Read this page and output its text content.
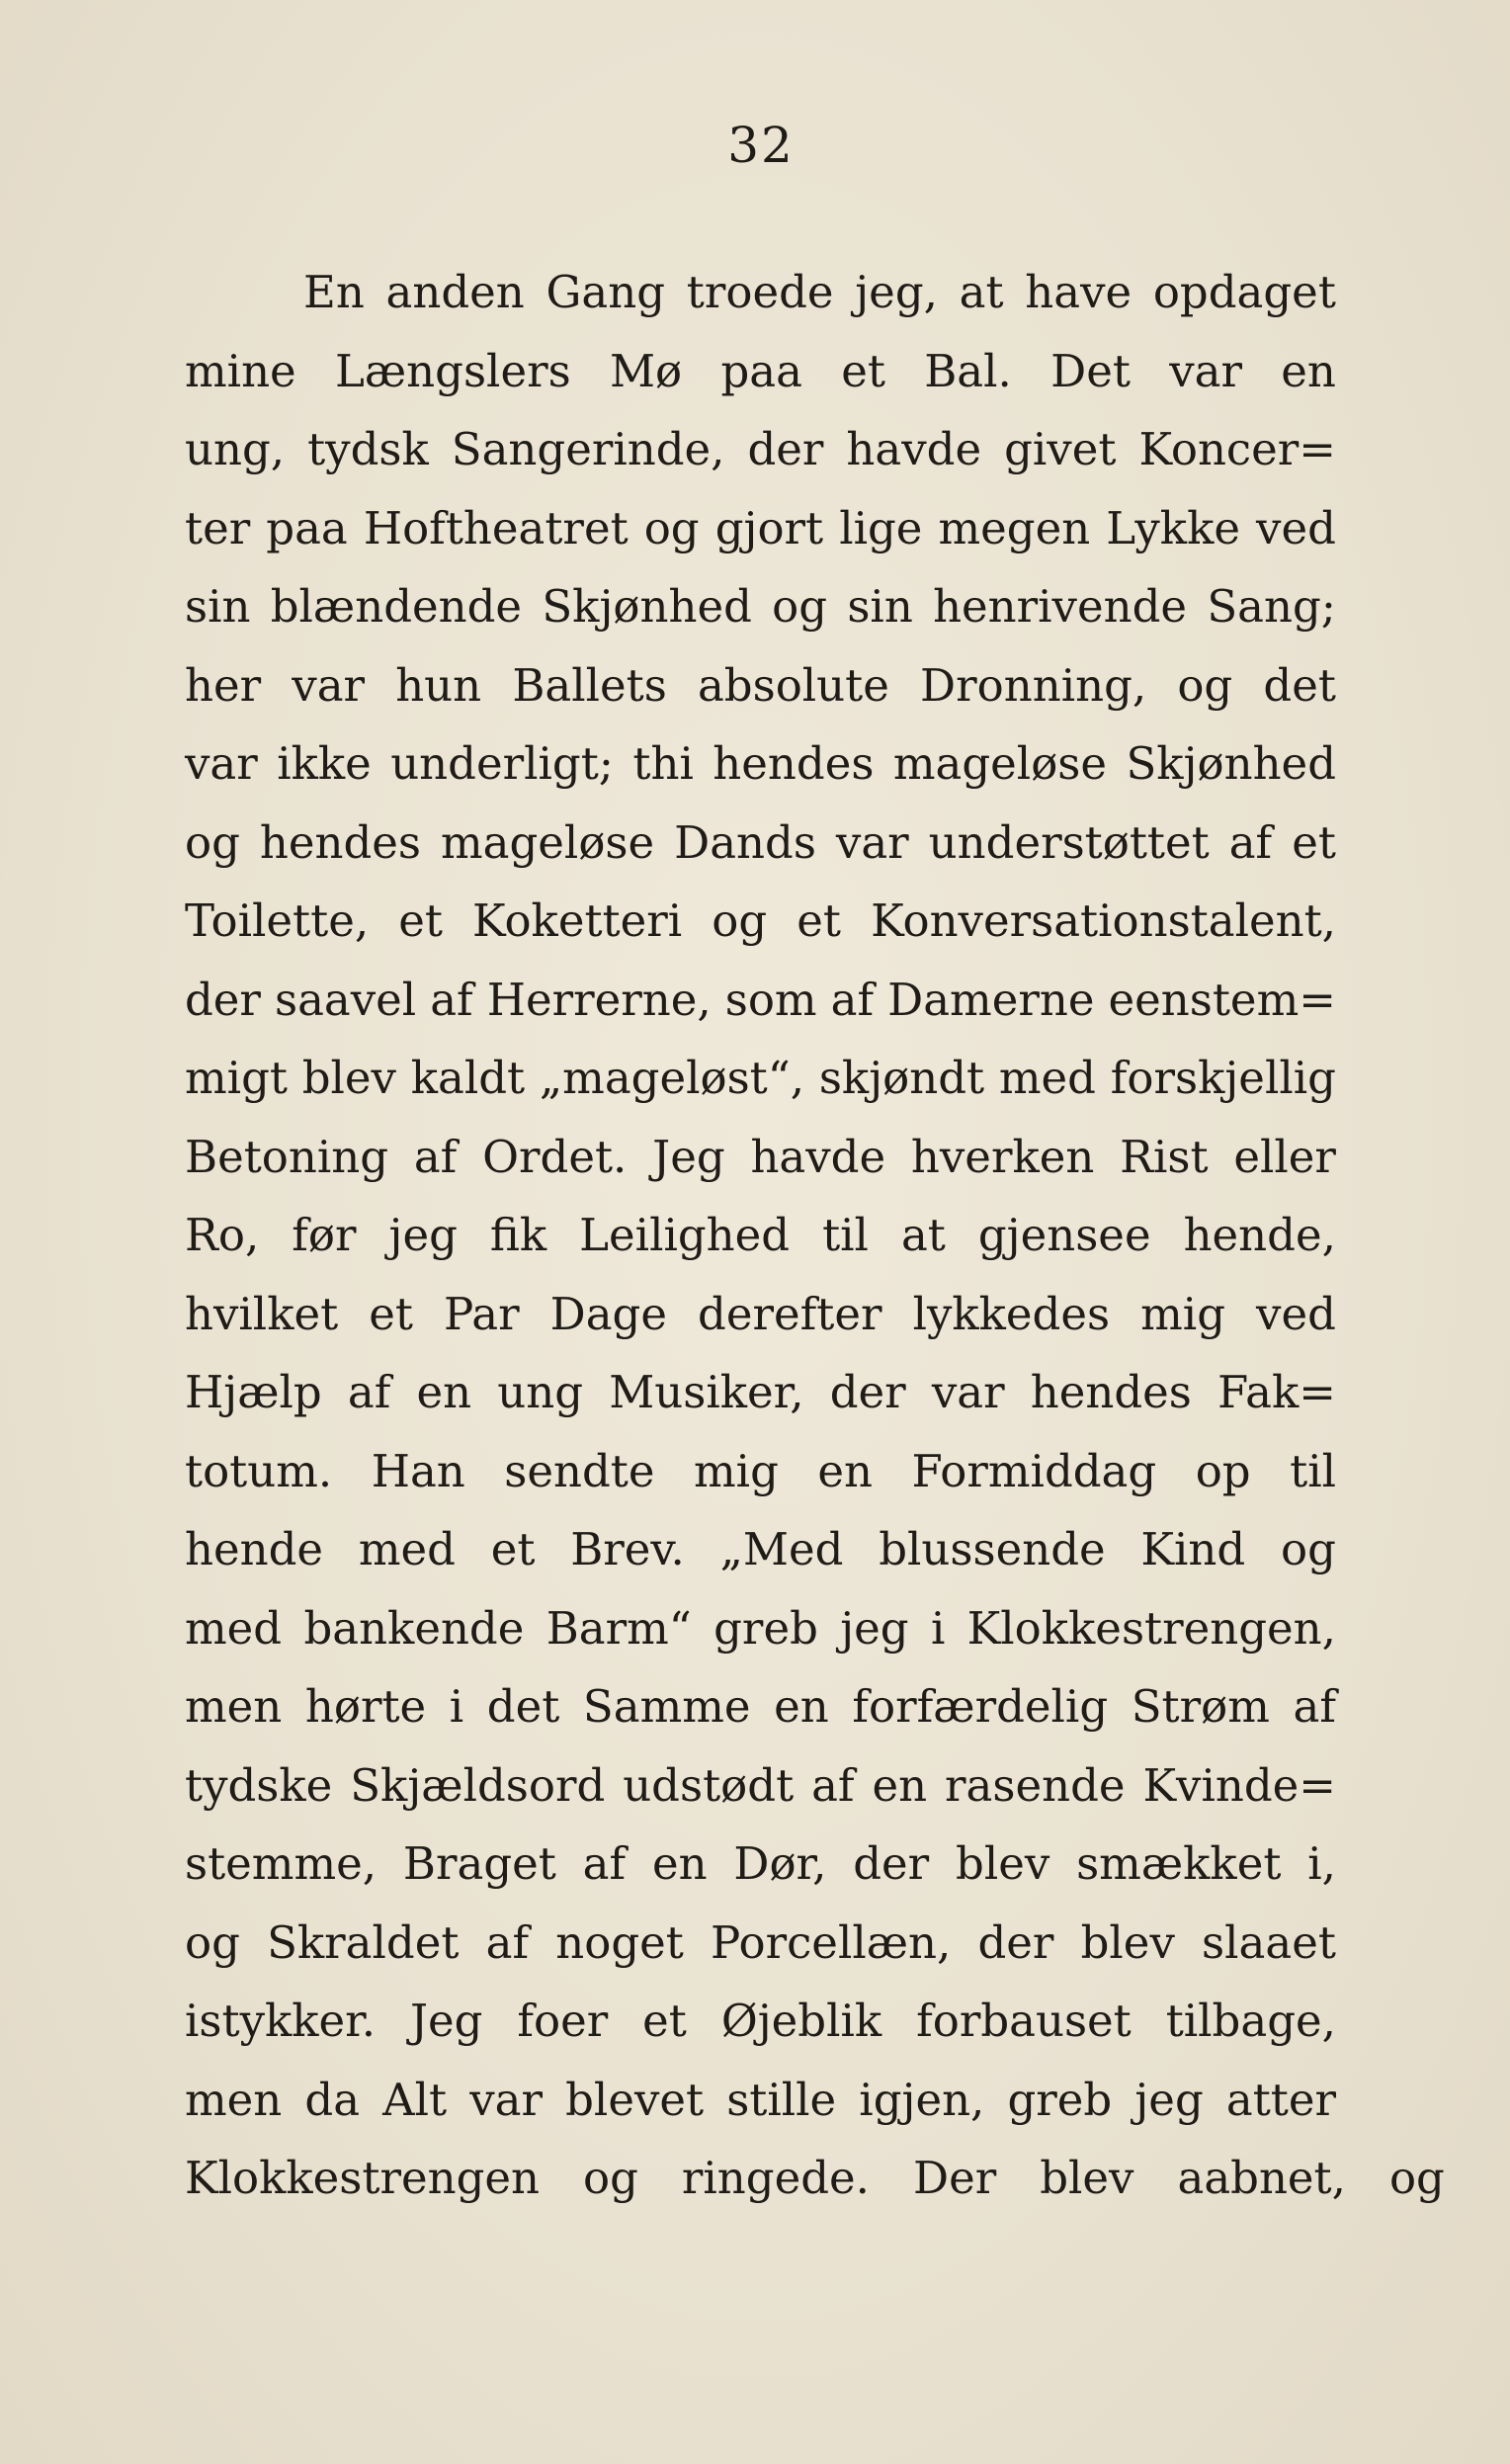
32
En anden Gang troede jeg, at have opdaget
mine Længslers Mø paa et Bal. Det var en
ung, tydsk Sangerinde, der havde givet Koncer=
ter paa Hoftheatret og gjort lige megen Lykke ved
sin blændende Skjønhed og sin henrivende Sang;
her var hun Ballets absolute Dronning, og det
var ikke underligt; thi hendes mageløse Skjønhed
og hendes mageløse Dands var understøttet af et
Toilette, et Koketteri og et Konversationstalent,
der saavel af Herrerne, som af Damerne eenstem=
migt blev kaldt „mageløst“, skjøndt med forskjellig
Betoning af Ordet. Jeg havde hverken Rist eller
Ro, før jeg fik Leilighed til at gjensee hende,
hvilket et Par Dage derefter lykkedes mig ved
Hjælp af en ung Musiker, der var hendes Fak=
totum. Han sendte mig en Formiddag op til
hende med et Brev. „Med blussende Kind og
med bankende Barm“ greb jeg i Klokkestrengen,
men hørte i det Samme en forfærdelig Strøm af
tydske Skjældsord udstødt af en rasende Kvinde=
stemme, Braget af en Dør, der blev smækket i,
og Skraldet af noget Porcellæn, der blev slaaet
istykker. Jeg foer et Øjeblik forbauset tilbage,
men da Alt var blevet stille igjen, greb jeg atter
Klokkestrengen og ringede. Der blev aabnet, og
